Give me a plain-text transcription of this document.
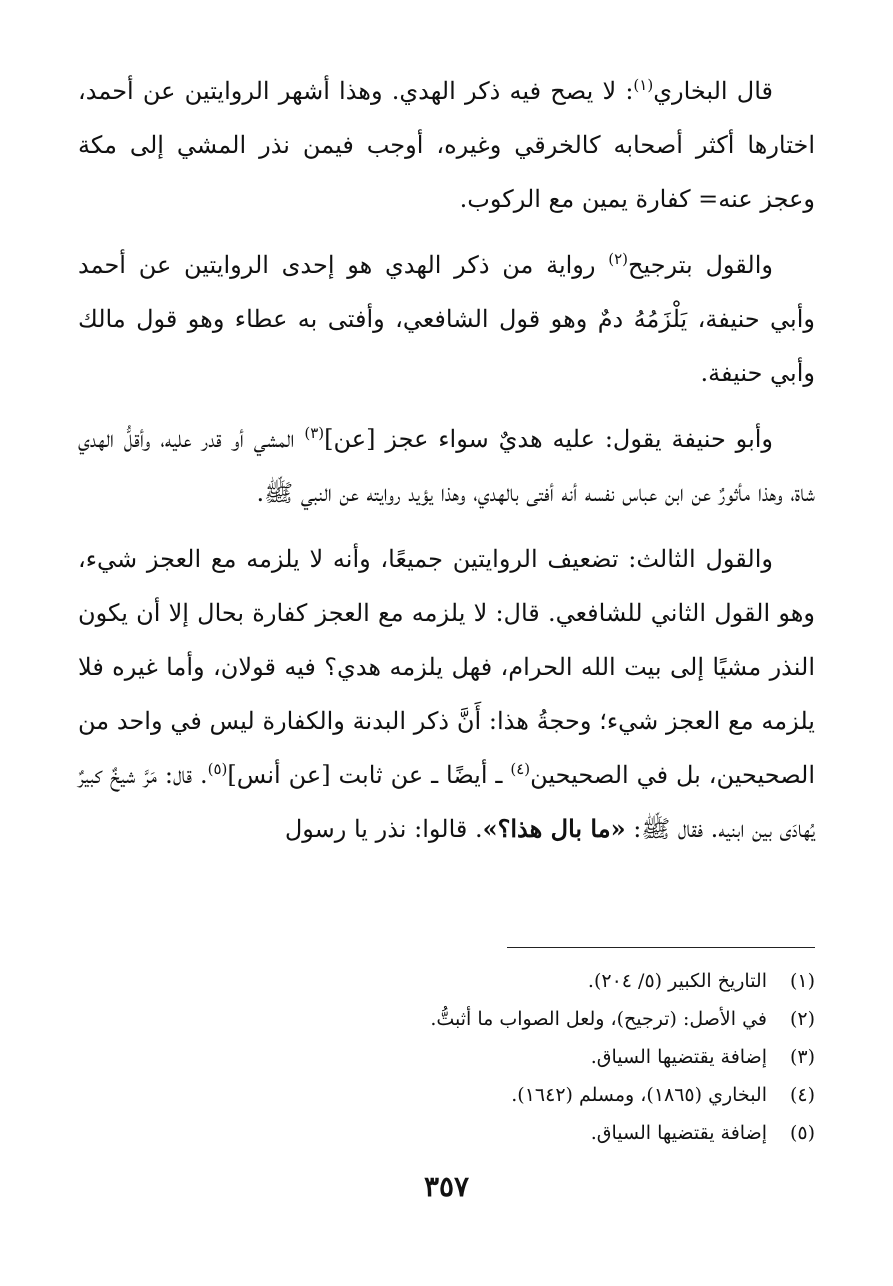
قال البخاري$^{(١)}$: لا يصح فيه ذكر الهدي. وهذا أشهر الروايتين عن أحمد، اختارها أكثر أصحابه كالخرقي وغيره، أوجب فيمن نذر المشي إلى مكة وعجز عنه= كفارة يمين مع الركوب.

والقول بترجيح$^{(٢)}$ رواية من ذكر الهدي هو إحدى الروايتين عن أحمد وأبي حنيفة، يَلْزَمُهُ دمٌ وهو قول الشافعي، وأفتى به عطاء وهو قول مالك وأبي حنيفة.

وأبو حنيفة يقول: عليه هديٌ سواء عجز [عن]$^{(٣)}$ المشي أو قدر عليه، وأقلُّ الهدي شاة، وهذا مأثورٌ عن ابن عباس نفسه أنه أفتى بالهدي، وهذا يؤيد روايته عن النبي ﷺ.

والقول الثالث: تضعيف الروايتين جميعًا، وأنه لا يلزمه مع العجز شيء، وهو القول الثاني للشافعي. قال: لا يلزمه مع العجز كفارة بحال إلا أن يكون النذر مشيًا إلى بيت الله الحرام، فهل يلزمه هدي؟ فيه قولان، وأما غيره فلا يلزمه مع العجز شيء؛ وحجةُ هذا: أَنَّ ذكر البدنة والكفارة ليس في واحد من الصحيحين، بل في الصحيحين$^{(٤)}$ ـ أيضًا ـ عن ثابت [عن أنس]$^{(٥)}$. قال: مَرَّ شيخٌ كبيرٌ يُهادَى بين ابنيه. فقال ﷺ: «ما بال هذا؟». قالوا: نذر يا رسول

(١)
التاريخ الكبير (٥/ ٢٠٤).
(٢)
في الأصل: (ترجيح)، ولعل الصواب ما أثبتُّ.
(٣)
إضافة يقتضيها السياق.
(٤)
البخاري (١٨٦٥)، ومسلم (١٦٤٢).
(٥)
إضافة يقتضيها السياق.
٣٥٧
